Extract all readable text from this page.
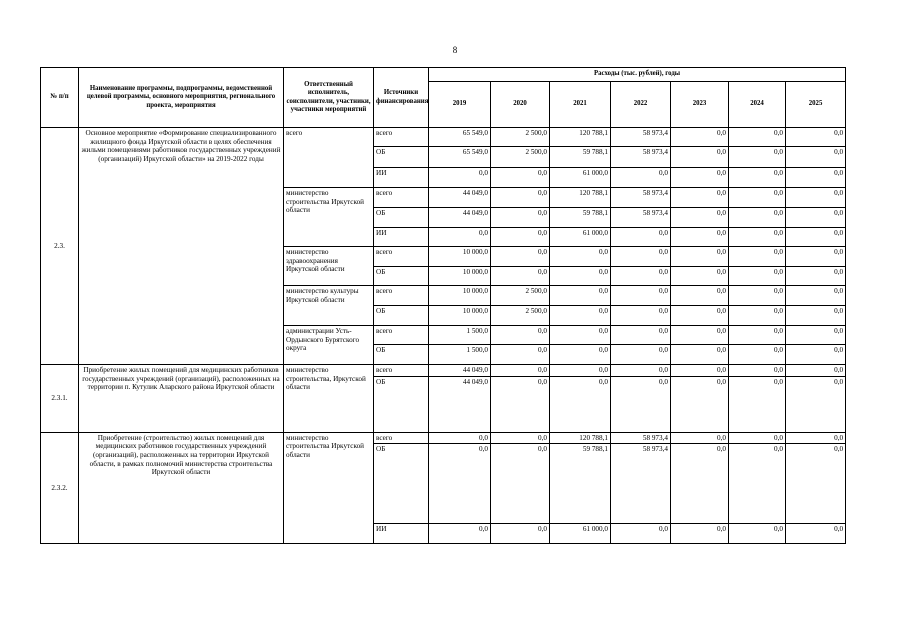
8
№ п/п	Наименование программы, подпрограммы, ведомственной целевой программы, основного мероприятия, регионального проекта, мероприятия	Ответственный исполнитель, соисполнители, участники, участники мероприятий	Источники финансирования	Расходы (тыс. рублей), годы						
				2019	2020	2021	2022	2023	2024	2025
2.3.	Основное мероприятие «Формирование специализированного жилищного фонда Иркутской области в целях обеспечения жильми помещениями работников государственных учреждений (организаций) Иркутской области» на 2019-2022 годы	всего	всего	65 549,0	2 500,0	120 788,1	58 973,4	0,0	0,0	0,0
			ОБ	65 549,0	2 500,0	59 788,1	58 973,4	0,0	0,0	0,0
			ИИ	0,0	0,0	61 000,0	0,0	0,0	0,0	0,0
		министерство строительства Иркутской области	всего	44 049,0	0,0	120 788,1	58 973,4	0,0	0,0	0,0
			ОБ	44 049,0	0,0	59 788,1	58 973,4	0,0	0,0	0,0
			ИИ	0,0	0,0	61 000,0	0,0	0,0	0,0	0,0
		министерство здравоохранения Иркутской области	всего	10 000,0	0,0	0,0	0,0	0,0	0,0	0,0
			ОБ	10 000,0	0,0	0,0	0,0	0,0	0,0	0,0
		министерство культуры Иркутской области	всего	10 000,0	2 500,0	0,0	0,0	0,0	0,0	0,0
			ОБ	10 000,0	2 500,0	0,0	0,0	0,0	0,0	0,0
		администрации Усть-Ордынского Бурятского округа	всего	1 500,0	0,0	0,0	0,0	0,0	0,0	0,0
			ОБ	1 500,0	0,0	0,0	0,0	0,0	0,0	0,0
2.3.1.	Приобретение жилых помещений для медицинских работников государственных учреждений (организаций), расположенных на территории п. Кутулик Аларского района Иркутской области	министерство строительства, Иркутской области	всего	44 049,0	0,0	0,0	0,0	0,0	0,0	0,0
			ОБ	44 049,0	0,0	0,0	0,0	0,0	0,0	0,0
2.3.2.	Приобретение (строительство) жилых помещений для медицинских работников государственных учреждений (организаций), расположенных на территории Иркутской области, в рамках полномочий министерства строительства Иркутской области	министерство строительства Иркутской области	всего	0,0	0,0	120 788,1	58 973,4	0,0	0,0	0,0
			ОБ	0,0	0,0	59 788,1	58 973,4	0,0	0,0	0,0
			ИИ	0,0	0,0	61 000,0	0,0	0,0	0,0	0,0
